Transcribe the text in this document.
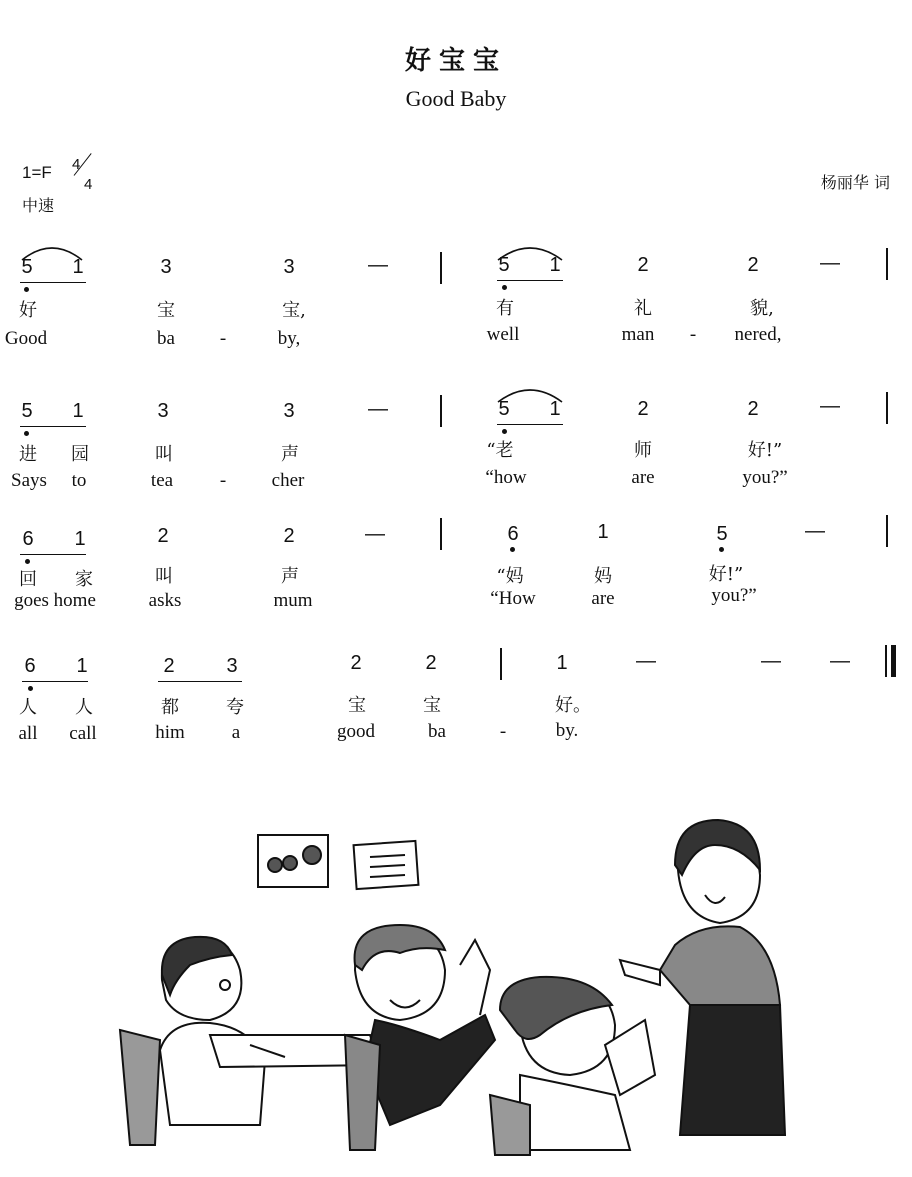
好宝宝
Good Baby
1=F 4
4
中速
杨丽华 词
5 1	3	3	—	5 1	2	2	—
好	宝	宝,	有	礼	貌,
Good	ba -	by,	well	man - nered,
5 1	3	3	—	5 1	2	2	—
进 园	叫	声	“老	师	好!”
Says to	tea - cher	“how	are	you?”
6 1	2	2	—	6	1	5	—
回 家	叫	声	“妈	妈	好!”
goes home	asks	mum	“How	are	you?”
6 1	2	3	2	2	1	—	— —
人 人	都	夸	宝	宝	好。
all call	him a	good	ba	-	by.
